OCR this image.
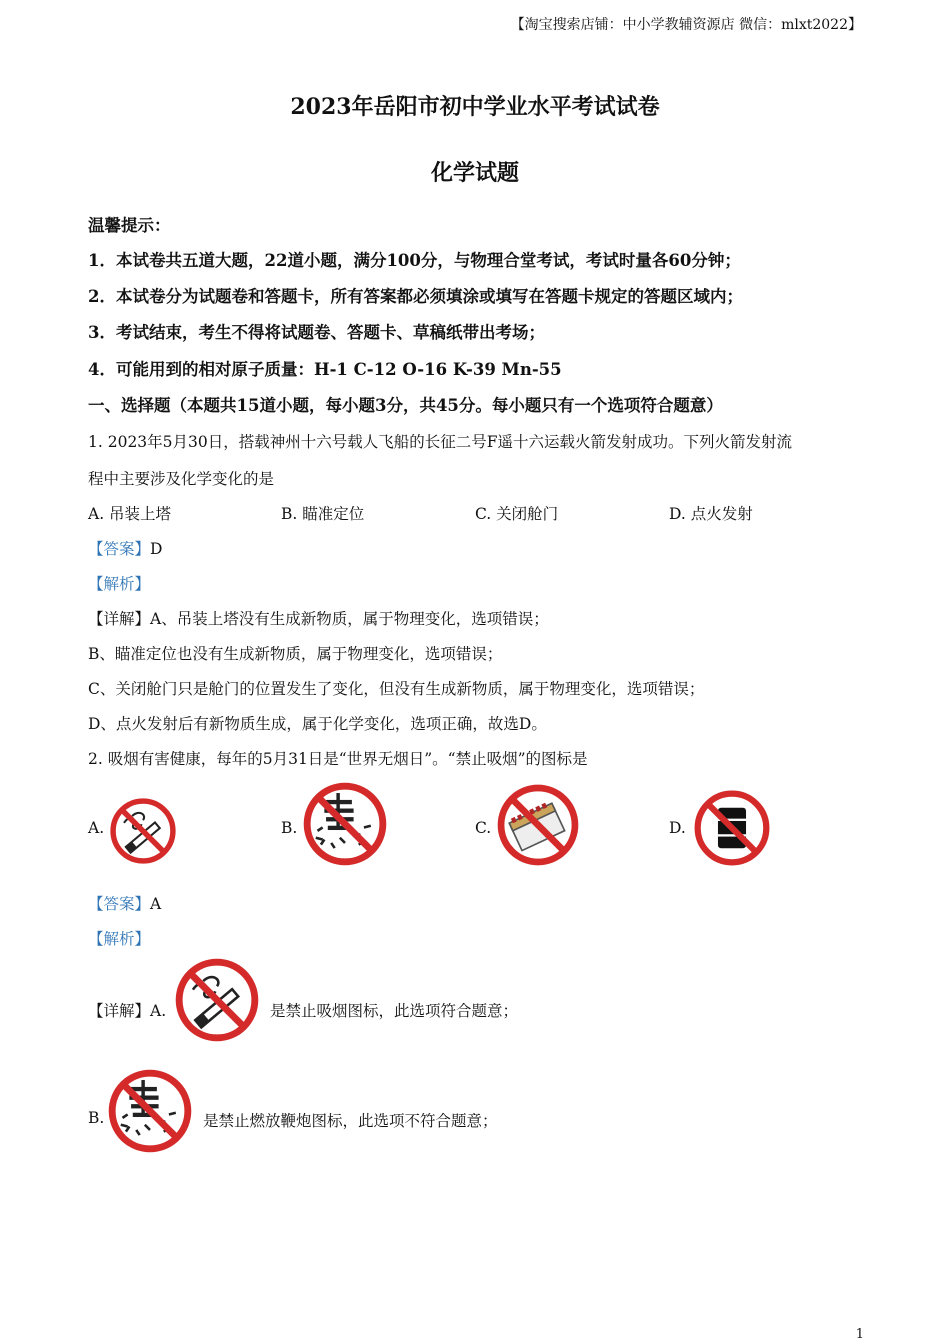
【淘宝搜索店铺：中小学教辅资源店 微信：mlxt2022】
2023年岳阳市初中学业水平考试试卷
化学试题
温馨提示：
1．本试卷共五道大题，22道小题，满分100分，与物理合堂考试，考试时量各60分钟；
2．本试卷分为试题卷和答题卡，所有答案都必须填涂或填写在答题卡规定的答题区域内；
3．考试结束，考生不得将试题卷、答题卡、草稿纸带出考场；
4．可能用到的相对原子质量：H-1 C-12 O-16 K-39 Mn-55
一、选择题（本题共15道小题，每小题3分，共45分。每小题只有一个选项符合题意）
1. 2023年5月30日，搭载神州十六号载人飞船的长征二号F遥十六运载火箭发射成功。下列火箭发射流
程中主要涉及化学变化的是
A. 吊装上塔	B. 瞄准定位	C. 关闭舱门	D. 点火发射
【答案】D
【解析】
【详解】A、吊装上塔没有生成新物质，属于物理变化，选项错误；
B、瞄准定位也没有生成新物质，属于物理变化，选项错误；
C、关闭舱门只是舱门的位置发生了变化，但没有生成新物质，属于物理变化，选项错误；
D、点火发射后有新物质生成，属于化学变化，选项正确，故选D。
2. 吸烟有害健康，每年的5月31日是“世界无烟日”。“禁止吸烟”的图标是
A.	B.	C.	D.
【答案】A
【解析】
【详解】A.	是禁止吸烟图标，此选项符合题意；
B.	是禁止燃放鞭炮图标，此选项不符合题意；
1
